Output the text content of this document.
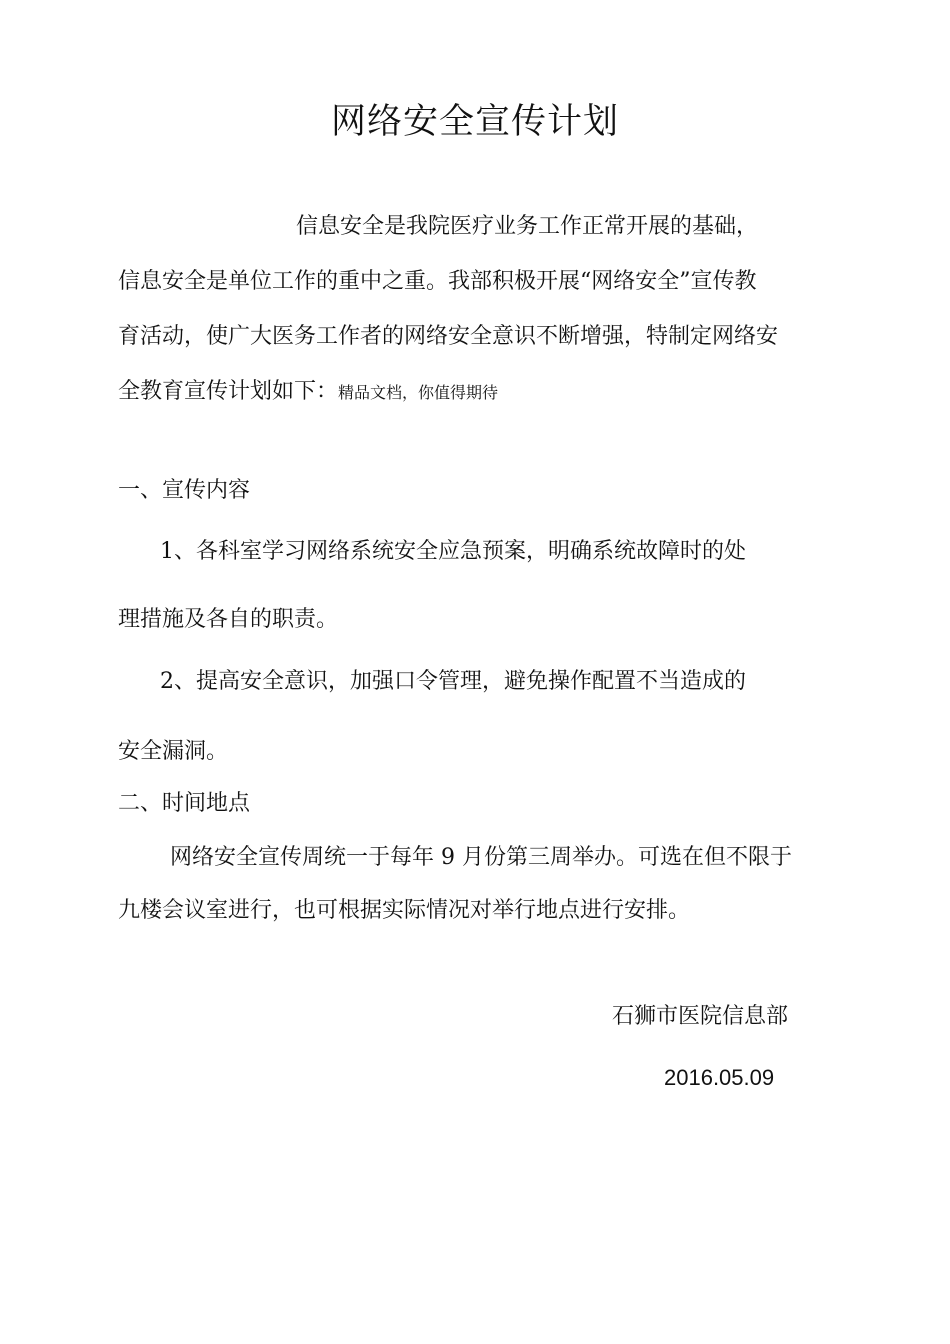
网络安全宣传计划
信息安全是我院医疗业务工作正常开展的基础，
信息安全是单位工作的重中之重。我部积极开展“网络安全”宣传教
育活动，使广大医务工作者的网络安全意识不断增强，特制定网络安
全教育宣传计划如下：精品文档，你值得期待
一、宣传内容
1、各科室学习网络系统安全应急预案，明确系统故障时的处
理措施及各自的职责。
2、提高安全意识，加强口令管理，避免操作配置不当造成的
安全漏洞。
二、时间地点
网络安全宣传周统一于每年 9 月份第三周举办。可选在但不限于
九楼会议室进行，也可根据实际情况对举行地点进行安排。
石狮市医院信息部
2016.05.09
